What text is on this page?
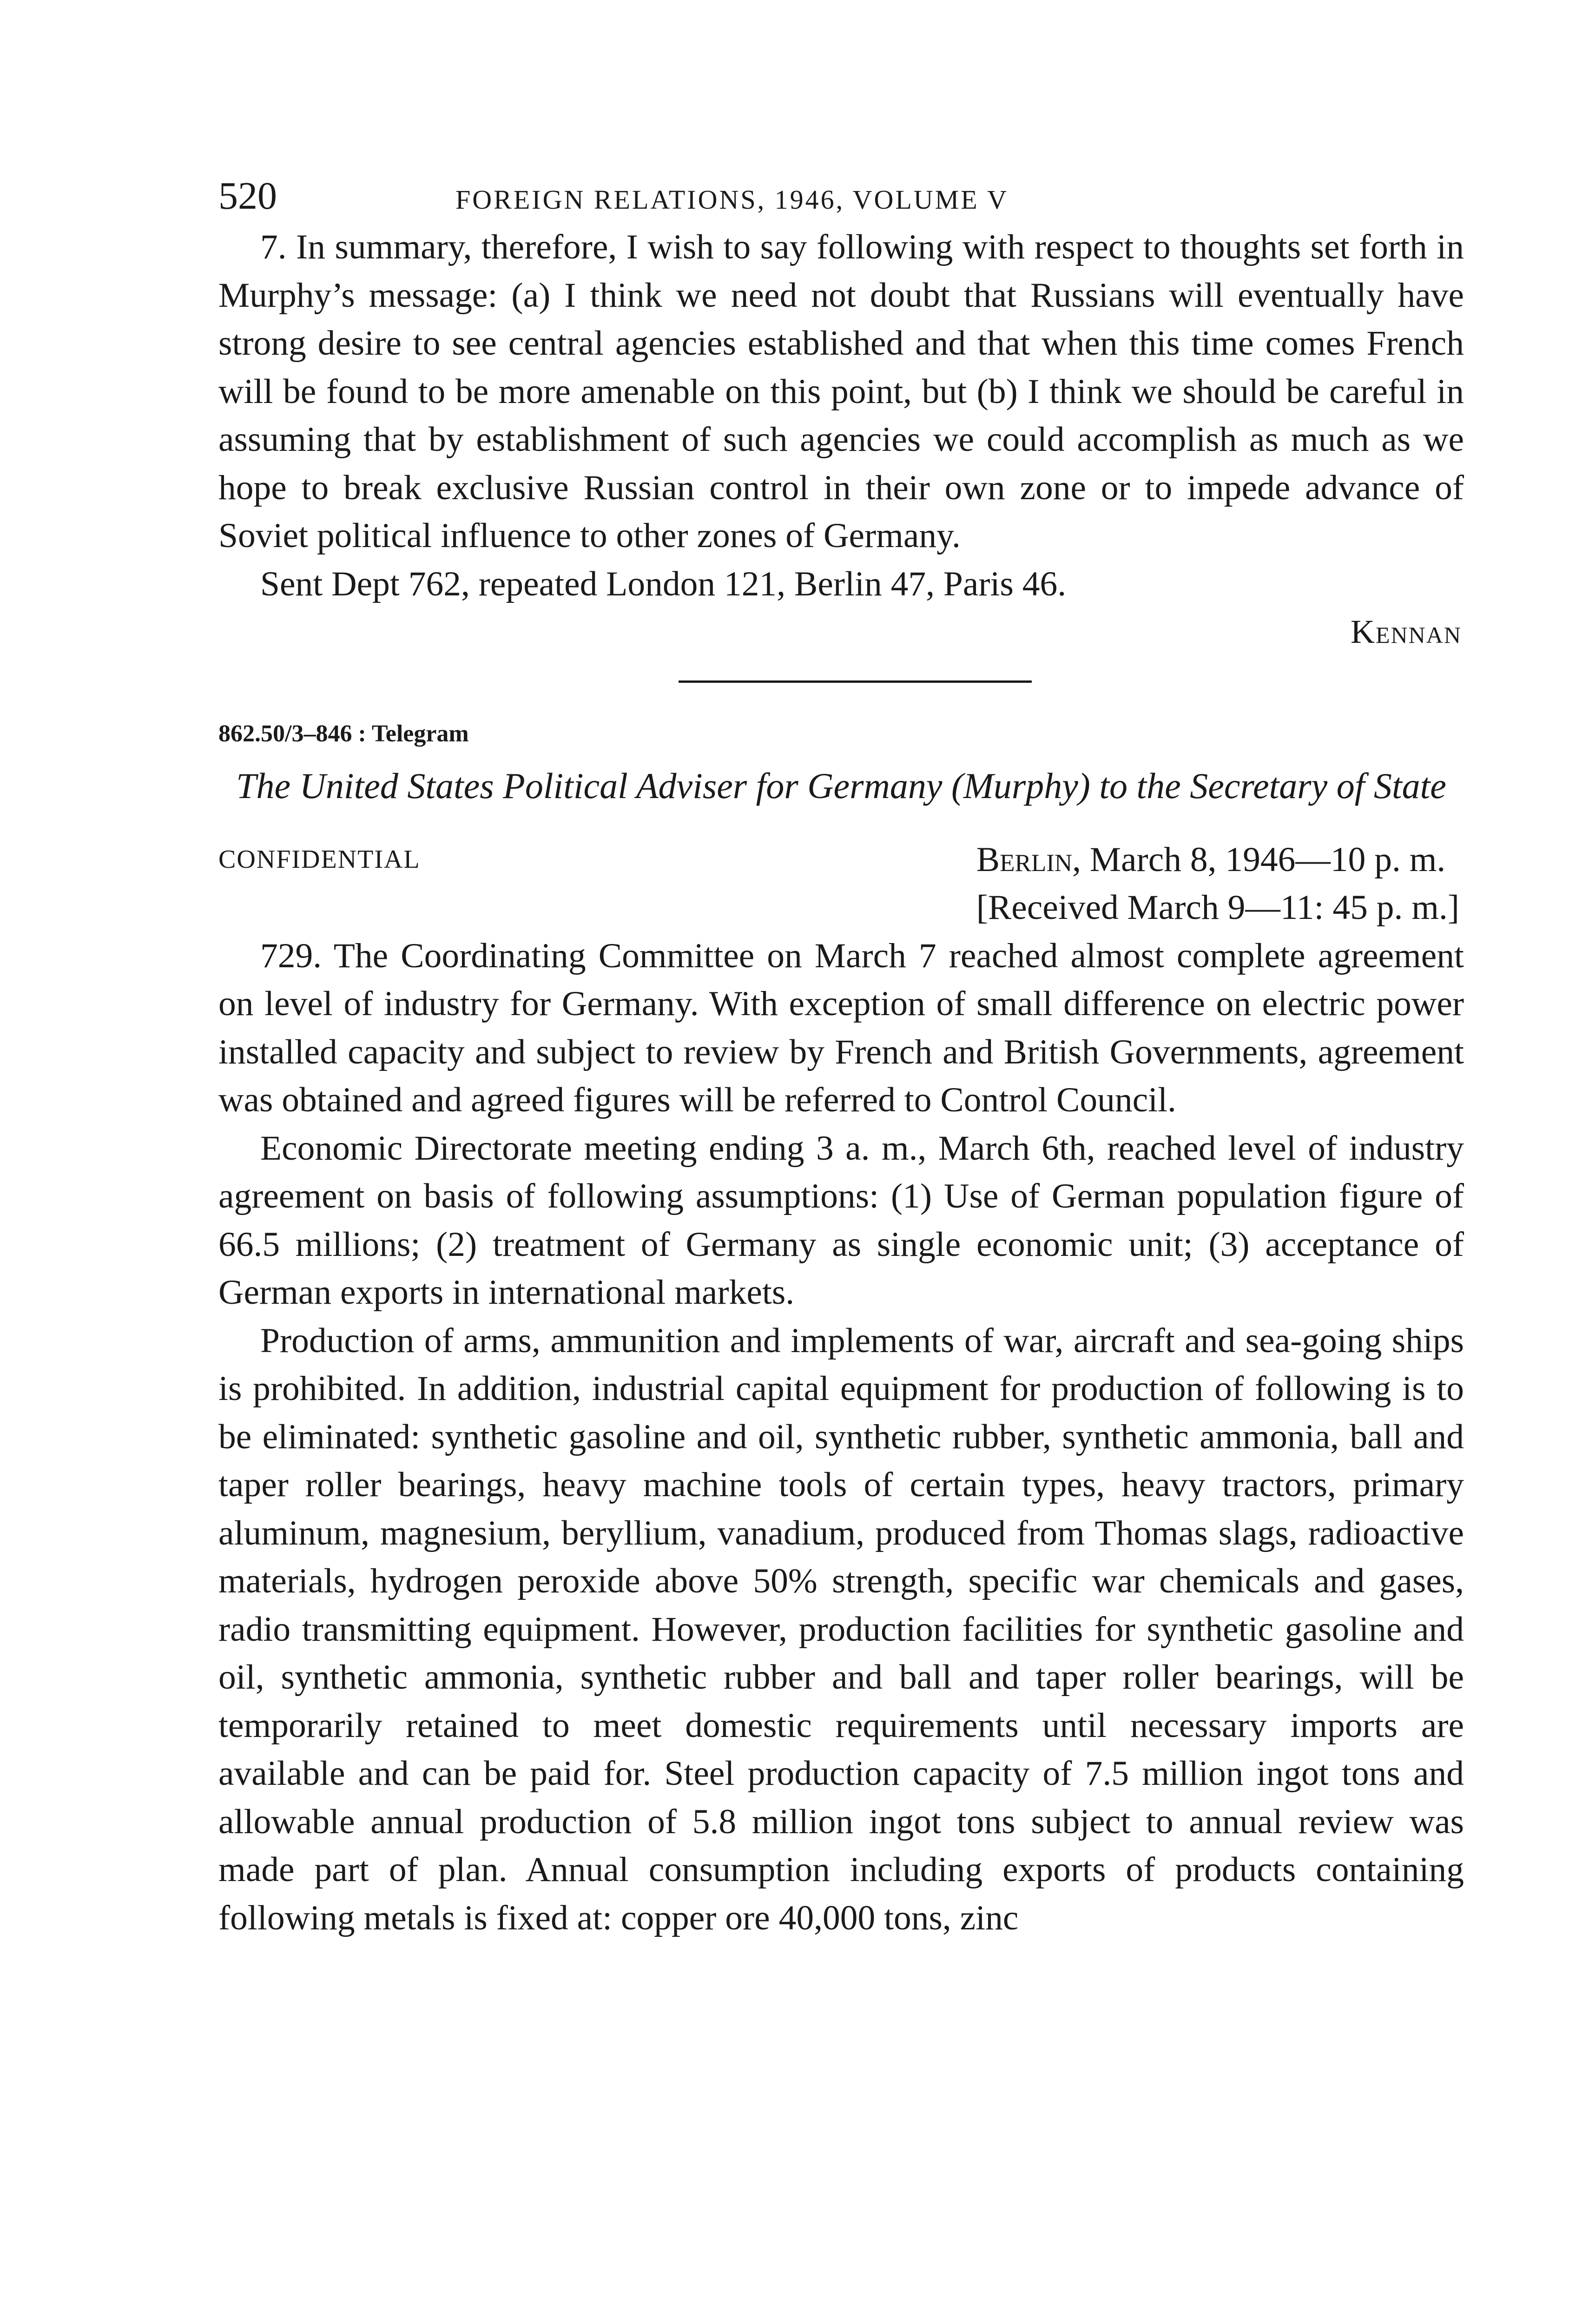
520	FOREIGN RELATIONS, 1946, VOLUME V

7. In summary, therefore, I wish to say following with respect to thoughts set forth in Murphy’s message: (a) I think we need not doubt that Russians will eventually have strong desire to see central agencies established and that when this time comes French will be found to be more amenable on this point, but (b) I think we should be careful in assuming that by establishment of such agencies we could accomplish as much as we hope to break exclusive Russian control in their own zone or to impede advance of Soviet political influence to other zones of Germany.

Sent Dept 762, repeated London 121, Berlin 47, Paris 46.

Kennan
862.50/3–846 : Telegram
The United States Political Adviser for Germany (Murphy) to the Secretary of State
CONFIDENTIAL	Berlin, March 8, 1946—10 p. m.
[Received March 9—11: 45 p. m.]

729. The Coordinating Committee on March 7 reached almost complete agreement on level of industry for Germany. With exception of small difference on electric power installed capacity and subject to review by French and British Governments, agreement was obtained and agreed figures will be referred to Control Council.

Economic Directorate meeting ending 3 a. m., March 6th, reached level of industry agreement on basis of following assumptions: (1) Use of German population figure of 66.5 millions; (2) treatment of Germany as single economic unit; (3) acceptance of German exports in international markets.

Production of arms, ammunition and implements of war, aircraft and sea-going ships is prohibited. In addition, industrial capital equipment for production of following is to be eliminated: synthetic gasoline and oil, synthetic rubber, synthetic ammonia, ball and taper roller bearings, heavy machine tools of certain types, heavy tractors, primary aluminum, magnesium, beryllium, vanadium, produced from Thomas slags, radioactive materials, hydrogen peroxide above 50% strength, specific war chemicals and gases, radio transmitting equipment. However, production facilities for synthetic gasoline and oil, synthetic ammonia, synthetic rubber and ball and taper roller bearings, will be temporarily retained to meet domestic requirements until necessary imports are available and can be paid for. Steel production capacity of 7.5 million ingot tons and allowable annual production of 5.8 million ingot tons subject to annual review was made part of plan. Annual consumption including exports of products containing following metals is fixed at: copper ore 40,000 tons, zinc
